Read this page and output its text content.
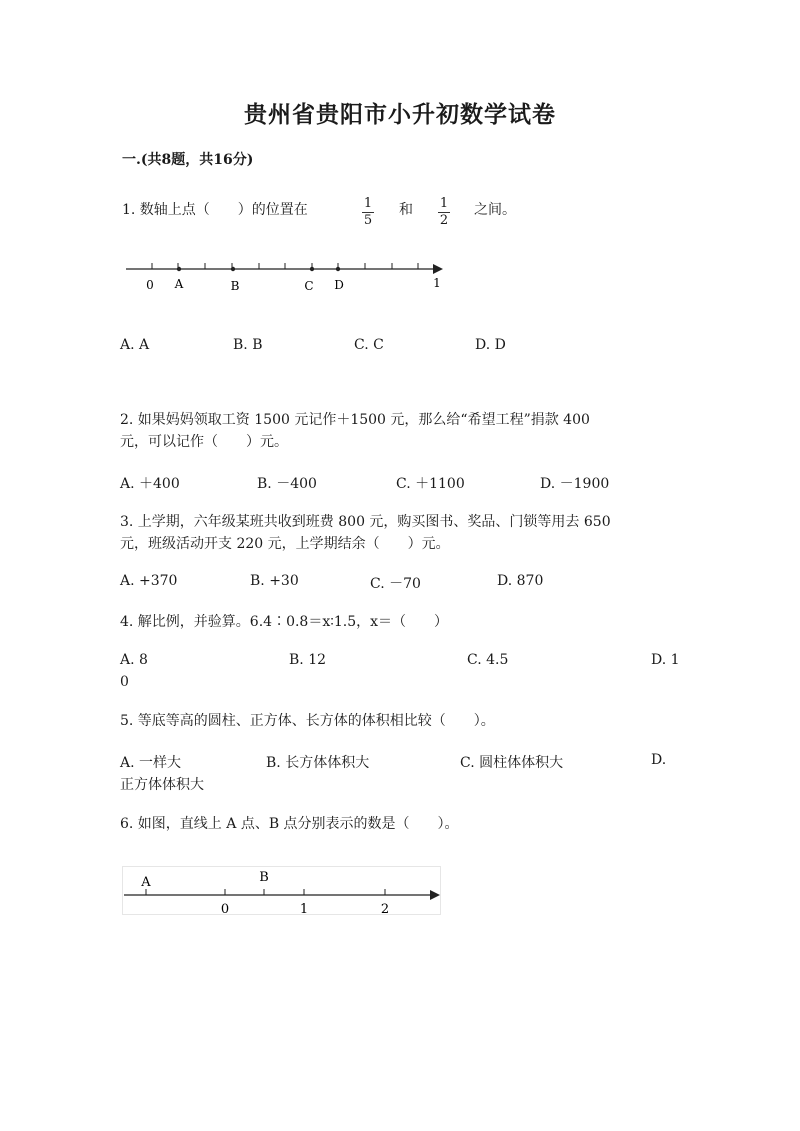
贵州省贵阳市小升初数学试卷
一.(共8题，共16分)
1. 数轴上点（　　）的位置在	1
5
和 1
2
之间。
0 A	B	C D	1
A. A	B. B	C. C	D. D
2. 如果妈妈领取工资 1500 元记作＋1500 元，那么给“希望工程”捐款 400
元，可以记作（　　）元。
A. ＋400	B. －400	C. ＋1100	D. －1900
3. 上学期，六年级某班共收到班费 800 元，购买图书、奖品、门锁等用去 650
元，班级活动开支 220 元，上学期结余（　　）元。
A. +370	B. +30	C. －70	D. 870
4. 解比例，并验算。6.4∶0.8＝x∶1.5，x＝（　　）
A. 8	B. 12	C. 4.5	D. 1
0
5. 等底等高的圆柱、正方体、长方体的体积相比较（　　）。
A. 一样大	B. 长方体体积大	C. 圆柱体体积大	D.
正方体体积大
6. 如图，直线上 A 点、B 点分别表示的数是（　　）。
A	B
0	1	2
